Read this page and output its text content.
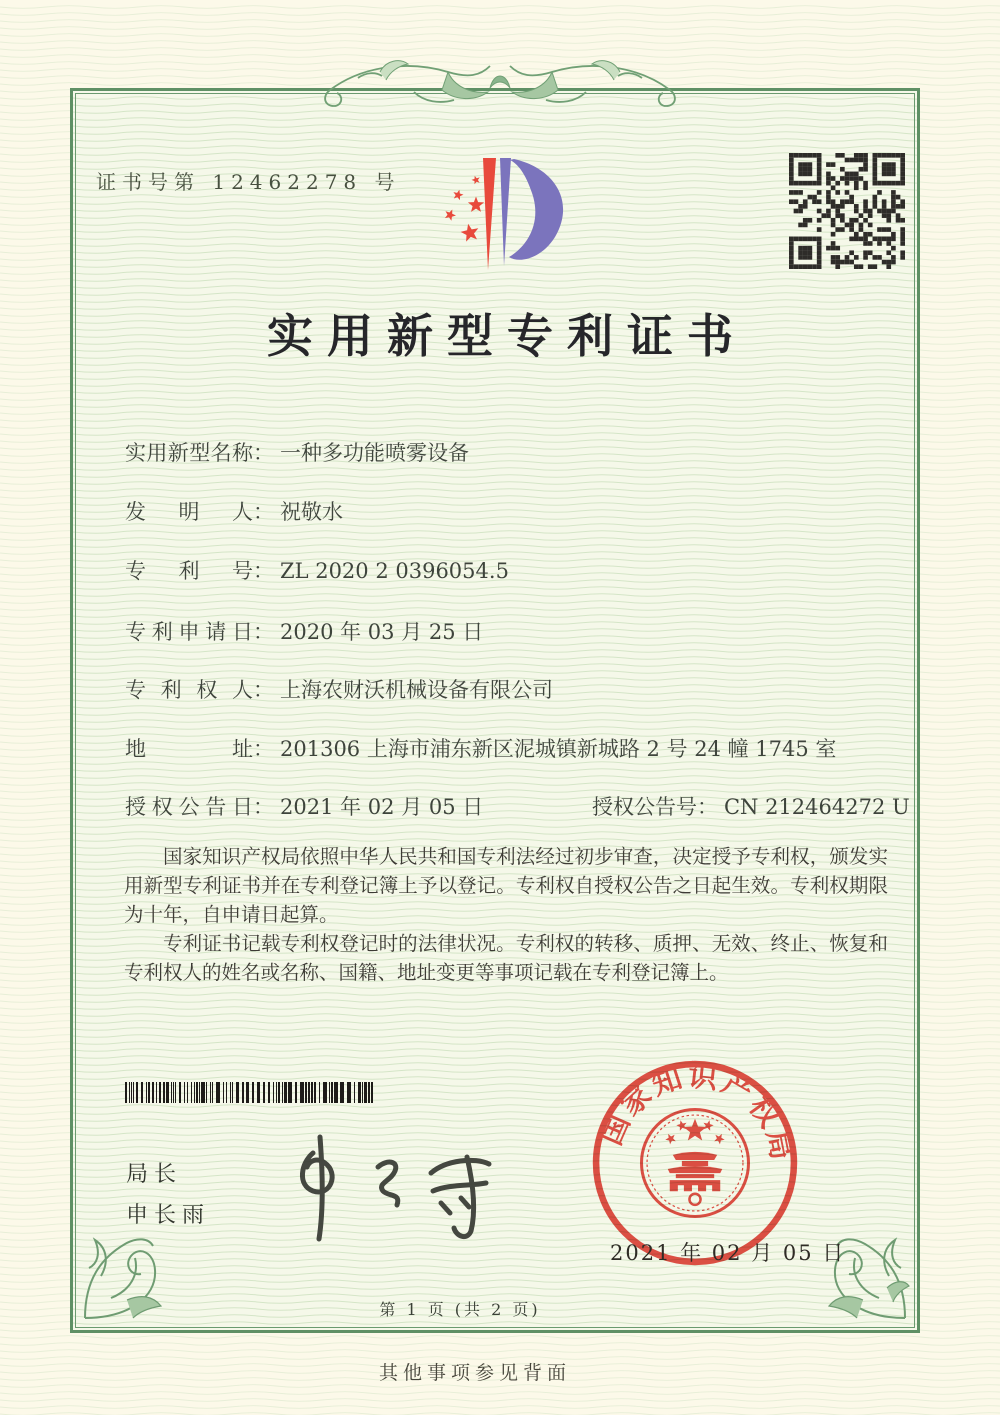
证书号第 12462278 号
实用新型专利证书
实用新型名称： 一种多功能喷雾设备
发明人： 祝敬水
专利号： ZL 2020 2 0396054.5
专利申请日： 2020 年 03 月 25 日
专利权人： 上海农财沃机械设备有限公司
地址： 201306 上海市浦东新区泥城镇新城路 2 号 24 幢 1745 室
授权公告日： 2021 年 02 月 05 日	授权公告号： CN 212464272 U

国家知识产权局依照中华人民共和国专利法经过初步审查，决定授予专利权，颁发实用新型专利证书并在专利登记簿上予以登记。专利权自授权公告之日起生效。专利权期限为十年，自申请日起算。

专利证书记载专利权登记时的法律状况。专利权的转移、质押、无效、终止、恢复和专利权人的姓名或名称、国籍、地址变更等事项记载在专利登记簿上。

局长
申长雨
国家知识产权局
2021 年 02 月 05 日
第 1 页 (共 2 页)
其他事项参见背面
